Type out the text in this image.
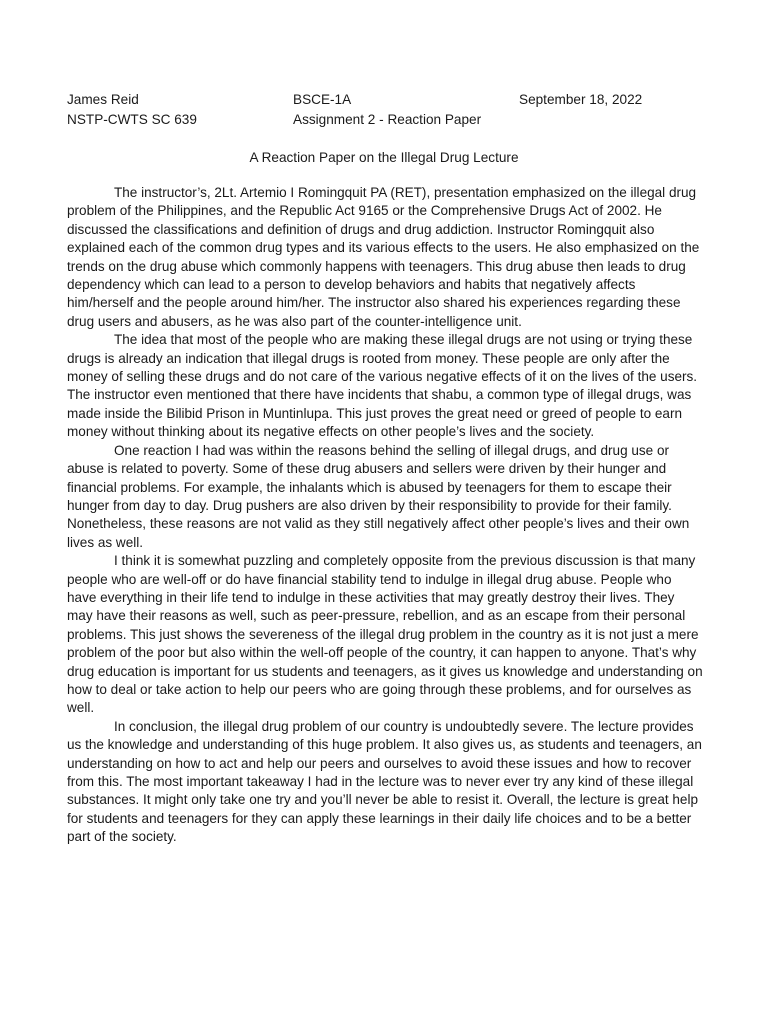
James Reid	BSCE-1A	September 18, 2022
NSTP-CWTS SC 639	Assignment 2 - Reaction Paper
A Reaction Paper on the Illegal Drug Lecture

The instructor’s, 2Lt. Artemio I Romingquit PA (RET), presentation emphasized on the illegal drug problem of the Philippines, and the Republic Act 9165 or the Comprehensive Drugs Act of 2002. He discussed the classifications and definition of drugs and drug addiction. Instructor Romingquit also explained each of the common drug types and its various effects to the users. He also emphasized on the trends on the drug abuse which commonly happens with teenagers. This drug abuse then leads to drug dependency which can lead to a person to develop behaviors and habits that negatively affects him/herself and the people around him/her. The instructor also shared his experiences regarding these drug users and abusers, as he was also part of the counter-intelligence unit.

The idea that most of the people who are making these illegal drugs are not using or trying these drugs is already an indication that illegal drugs is rooted from money. These people are only after the money of selling these drugs and do not care of the various negative effects of it on the lives of the users. The instructor even mentioned that there have incidents that shabu, a common type of illegal drugs, was made inside the Bilibid Prison in Muntinlupa. This just proves the great need or greed of people to earn money without thinking about its negative effects on other people’s lives and the society.

One reaction I had was within the reasons behind the selling of illegal drugs, and drug use or abuse is related to poverty. Some of these drug abusers and sellers were driven by their hunger and financial problems. For example, the inhalants which is abused by teenagers for them to escape their hunger from day to day. Drug pushers are also driven by their responsibility to provide for their family. Nonetheless, these reasons are not valid as they still negatively affect other people’s lives and their own lives as well.

I think it is somewhat puzzling and completely opposite from the previous discussion is that many people who are well-off or do have financial stability tend to indulge in illegal drug abuse. People who have everything in their life tend to indulge in these activities that may greatly destroy their lives. They may have their reasons as well, such as peer-pressure, rebellion, and as an escape from their personal problems. This just shows the severeness of the illegal drug problem in the country as it is not just a mere problem of the poor but also within the well-off people of the country, it can happen to anyone. That’s why drug education is important for us students and teenagers, as it gives us knowledge and understanding on how to deal or take action to help our peers who are going through these problems, and for ourselves as well.

In conclusion, the illegal drug problem of our country is undoubtedly severe. The lecture provides us the knowledge and understanding of this huge problem. It also gives us, as students and teenagers, an understanding on how to act and help our peers and ourselves to avoid these issues and how to recover from this. The most important takeaway I had in the lecture was to never ever try any kind of these illegal substances. It might only take one try and you’ll never be able to resist it. Overall, the lecture is great help for students and teenagers for they can apply these learnings in their daily life choices and to be a better part of the society.
